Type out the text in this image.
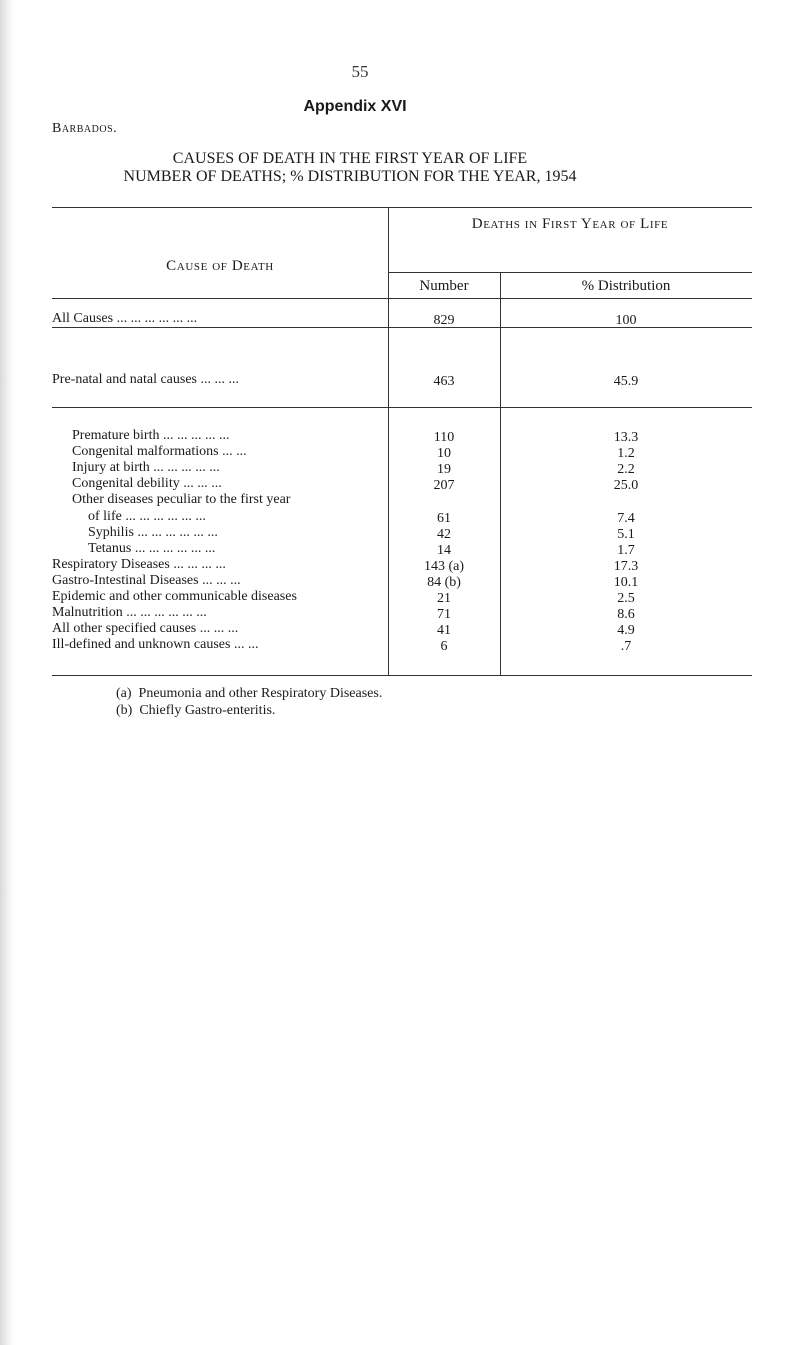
55
Appendix XVI
Barbados.
CAUSES OF DEATH IN THE FIRST YEAR OF LIFE
NUMBER OF DEATHS; % DISTRIBUTION FOR THE YEAR, 1954
Cause of Death
Deaths in First Year of Life
Number	% Distribution
All Causes ... ... ... ... ... ...	829	100
Pre-natal and natal causes ... ... ...	463	45.9
Premature birth ... ... ... ... ...	110	13.3
Congenital malformations ... ...	10	1.2
Injury at birth ... ... ... ... ...	19	2.2
Congenital debility ... ... ...	207	25.0
Other diseases peculiar to the first year
of life ... ... ... ... ... ...	61	7.4
Syphilis ... ... ... ... ... ...	42	5.1
Tetanus ... ... ... ... ... ...	14	1.7
Respiratory Diseases ... ... ... ...	143 (a)	17.3
Gastro-Intestinal Diseases ... ... ...	84 (b)	10.1
Epidemic and other communicable diseases	21	2.5
Malnutrition ... ... ... ... ... ...	71	8.6
All other specified causes ... ... ...	41	4.9
Ill-defined and unknown causes ... ...	6	.7
(a) Pneumonia and other Respiratory Diseases.
(b) Chiefly Gastro-enteritis.
